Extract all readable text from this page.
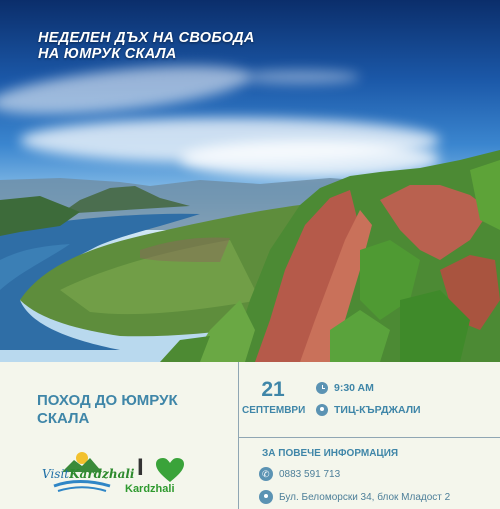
НЕДЕЛЕН ДЪХ НА СВОБОДА
НА ЮМРУК СКАЛА
ПОХОД ДО ЮМРУК
СКАЛА
VisitKardzhali I
Kardzhali
21
СЕПТЕМВРИ
9:30 AM
ТИЦ-КЪРДЖАЛИ
ЗА ПОВЕЧЕ ИНФОРМАЦИЯ
✆ 0883 591 713
Бул. Беломорски 34, блок Младост 2
